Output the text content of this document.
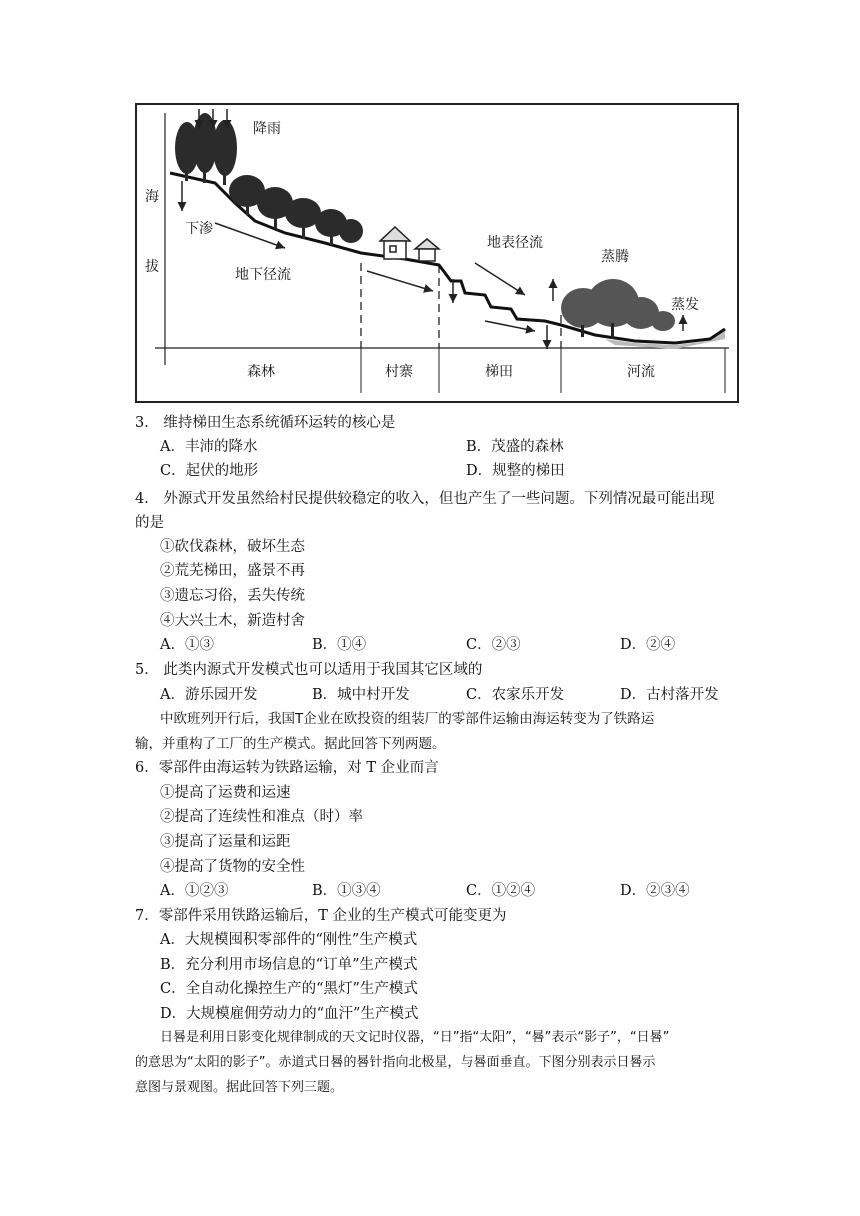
降雨
海
拔
下渗
地下径流
地表径流
蒸腾
蒸发
森林	村寨	梯田	河流
3． 维持梯田生态系统循环运转的核心是
A．丰沛的降水	B．茂盛的森林
C．起伏的地形	D．规整的梯田
4． 外源式开发虽然给村民提供较稳定的收入，但也产生了一些问题。下列情况最可能出现
的是
①砍伐森林，破坏生态
②荒芜梯田，盛景不再
③遗忘习俗，丢失传统
④大兴土木，新造村舍
A．①③	B．①④	C．②③	D．②④
5． 此类内源式开发模式也可以适用于我国其它区域的
A．游乐园开发	B．城中村开发	C．农家乐开发	D．古村落开发
中欧班列开行后，我国T企业在欧投资的组装厂的零部件运输由海运转变为了铁路运
输，并重构了工厂的生产模式。据此回答下列两题。
6．零部件由海运转为铁路运输，对 T 企业而言
①提高了运费和运速
②提高了连续性和准点（时）率
③提高了运量和运距
④提高了货物的安全性
A．①②③	B．①③④	C．①②④	D．②③④
7．零部件采用铁路运输后，T 企业的生产模式可能变更为
A．大规模囤积零部件的“刚性”生产模式
B．充分利用市场信息的“订单”生产模式
C．全自动化操控生产的“黑灯”生产模式
D．大规模雇佣劳动力的“血汗”生产模式
日晷是利用日影变化规律制成的天文记时仪器，“日”指“太阳”，“晷”表示“影子”，“日晷”
的意思为“太阳的影子”。赤道式日晷的晷针指向北极星，与晷面垂直。下图分别表示日晷示
意图与景观图。据此回答下列三题。
